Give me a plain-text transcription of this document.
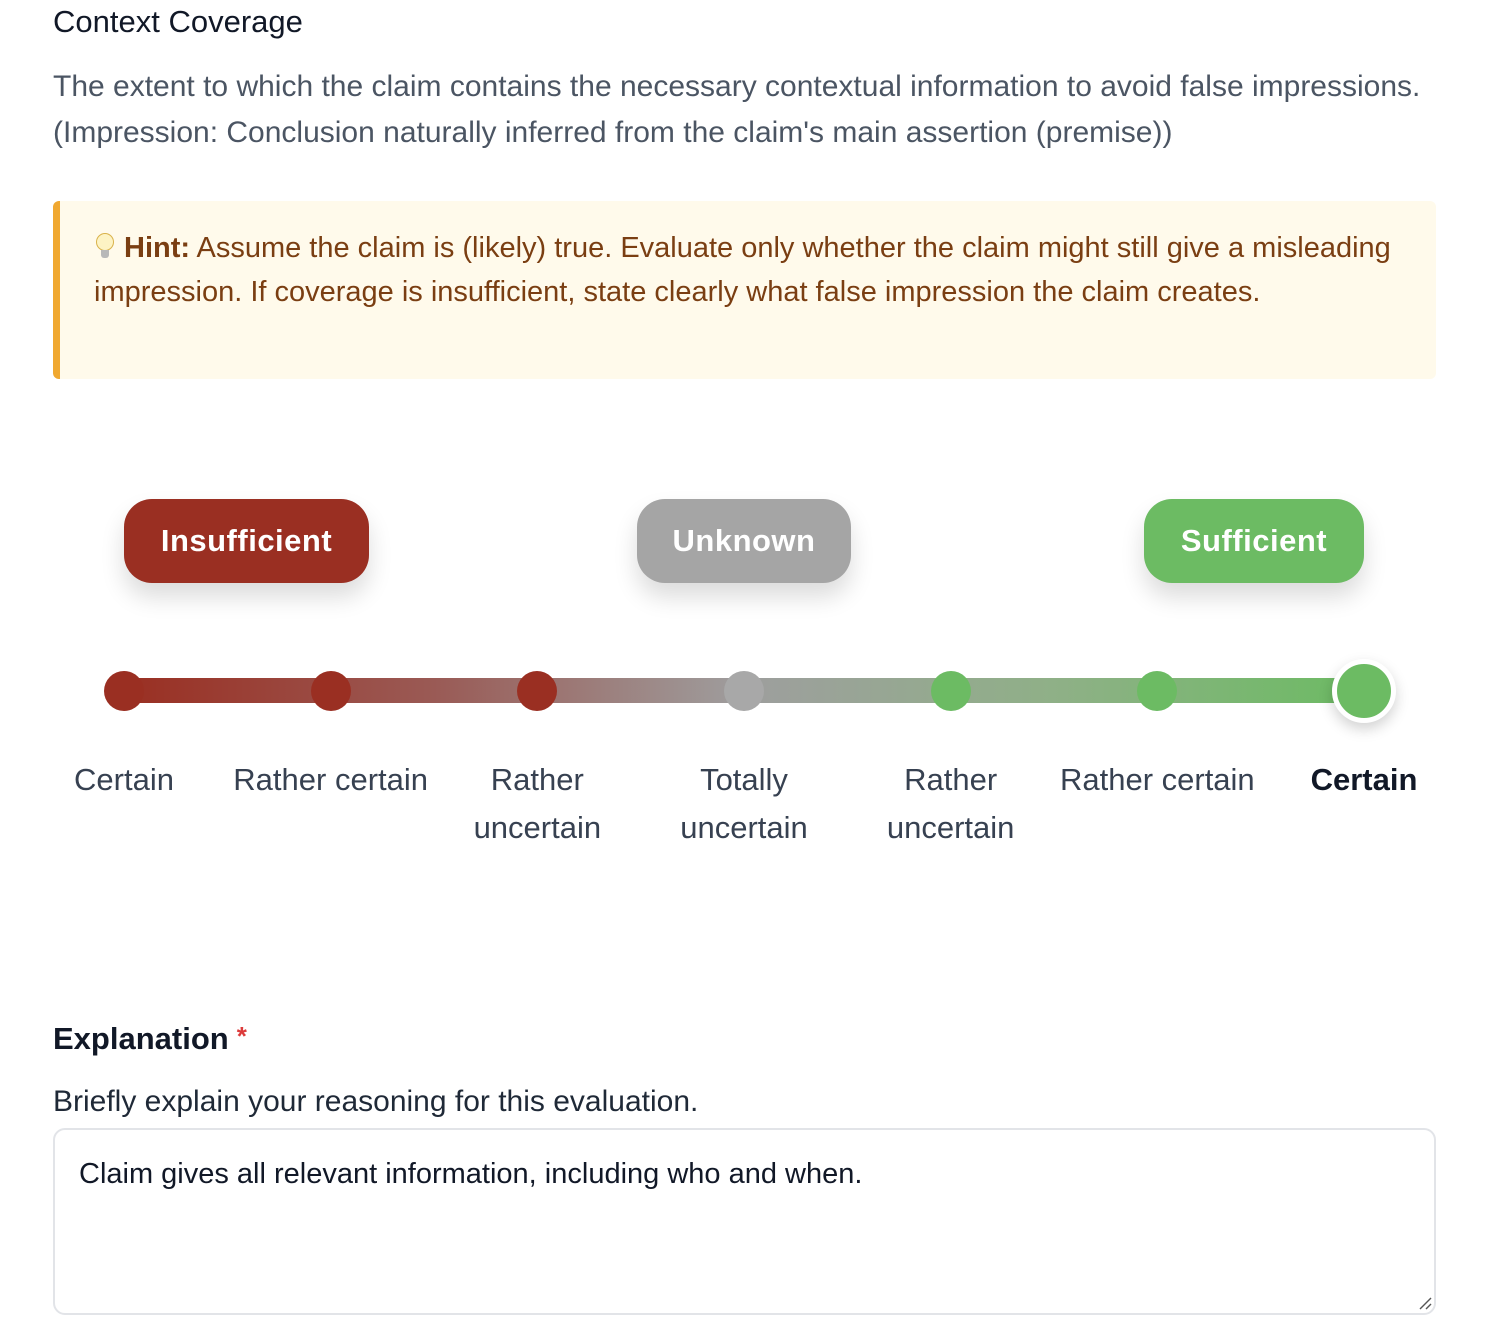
Context Coverage
The extent to which the claim contains the necessary contextual information to avoid false impressions. (Impression: Conclusion naturally inferred from the claim's main assertion (premise))
Hint: Assume the claim is (likely) true. Evaluate only whether the claim might still give a misleading impression. If coverage is insufficient, state clearly what false impression the claim creates.
Explanation *
Briefly explain your reasoning for this evaluation.
Claim gives all relevant information, including who and when.
Insufficient	Unknown	Sufficient
Certain	Rather certain	Rather uncertain
Totally uncertain
Rather uncertain
Rather certain	Certain
